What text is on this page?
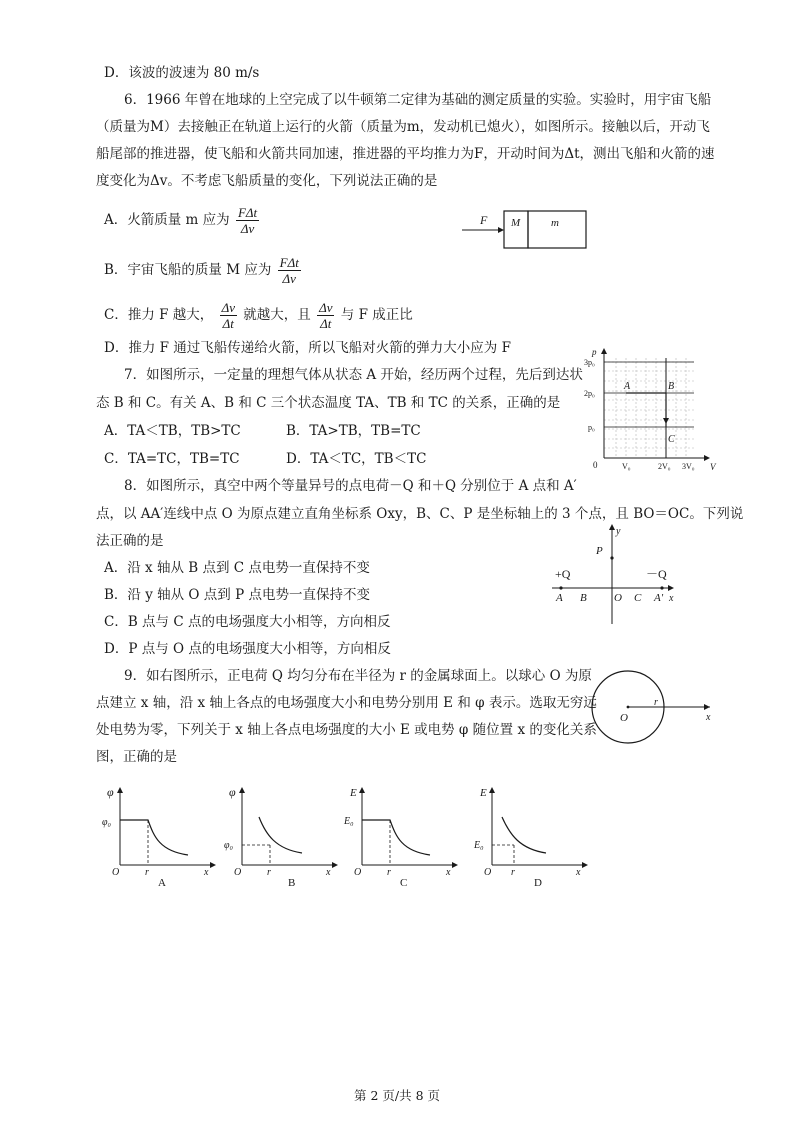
D．该波的波速为 80 m/s
6．1966 年曾在地球的上空完成了以牛顿第二定律为基础的测定质量的实验。实验时，用宇宙飞船
（质量为M）去接触正在轨道上运行的火箭（质量为m，发动机已熄火），如图所示。接触以后，开动飞
船尾部的推进器，使飞船和火箭共同加速，推进器的平均推力为F，开动时间为Δt，测出飞船和火箭的速
度变化为Δv。不考虑飞船质量的变化，下列说法正确的是
A．火箭质量 m 应为 $\frac{\text{FΔt}}{\Delta v}$
B．宇宙飞船的质量 M 应为 $\frac{\text{FΔt}}{\Delta v}$
C．推力 F 越大， $\frac{\Delta v}{\Delta t}$ 就越大，且 $\frac{\Delta v}{\Delta t}$ 与 F 成正比
D．推力 F 通过飞船传递给火箭，所以飞船对火箭的弹力大小应为 F
F M	m
7．如图所示，一定量的理想气体从状态 A 开始，经历两个过程，先后到达状
态 B 和 C。有关 A、B 和 C 三个状态温度 TA、TB 和 TC 的关系，正确的是
A．TA＜TB，TB>TC	B．TA>TB，TB=TC
C．TA=TC，TB=TC	D．TA＜TC，TB＜TC
A	B
C
p
V
0
3p₀
2p₀
p₀
V₀	2V₀ 3V₀
8．如图所示，真空中两个等量异号的点电荷－Q 和＋Q 分别位于 A 点和 A′
点，以 AA′连线中点 O 为原点建立直角坐标系 Oxy，B、C、P 是坐标轴上的 3 个点，且 BO＝OC。下列说
法正确的是
A．沿 x 轴从 B 点到 C 点电势一直保持不变
B．沿 y 轴从 O 点到 P 点电势一直保持不变
C．B 点与 C 点的电场强度大小相等，方向相反
D．P 点与 O 点的电场强度大小相等，方向相反
y
P
+Q	－Q
A B O C A′ x
9．如右图所示，正电荷 Q 均匀分布在半径为 r 的金属球面上。以球心 O 为原
点建立 x 轴，沿 x 轴上各点的电场强度大小和电势分别用 E 和 φ 表示。选取无穷远
处电势为零，下列关于 x 轴上各点电场强度的大小 E 或电势 φ 随位置 x 的变化关系
图，正确的是
O
r
x
φ
φ₀
O	r	x
A
φ
φ₀
O	r	x
B
E
E₀
O	r	x
C
E
E₀
O r	x
D
第 2 页/共 8 页
